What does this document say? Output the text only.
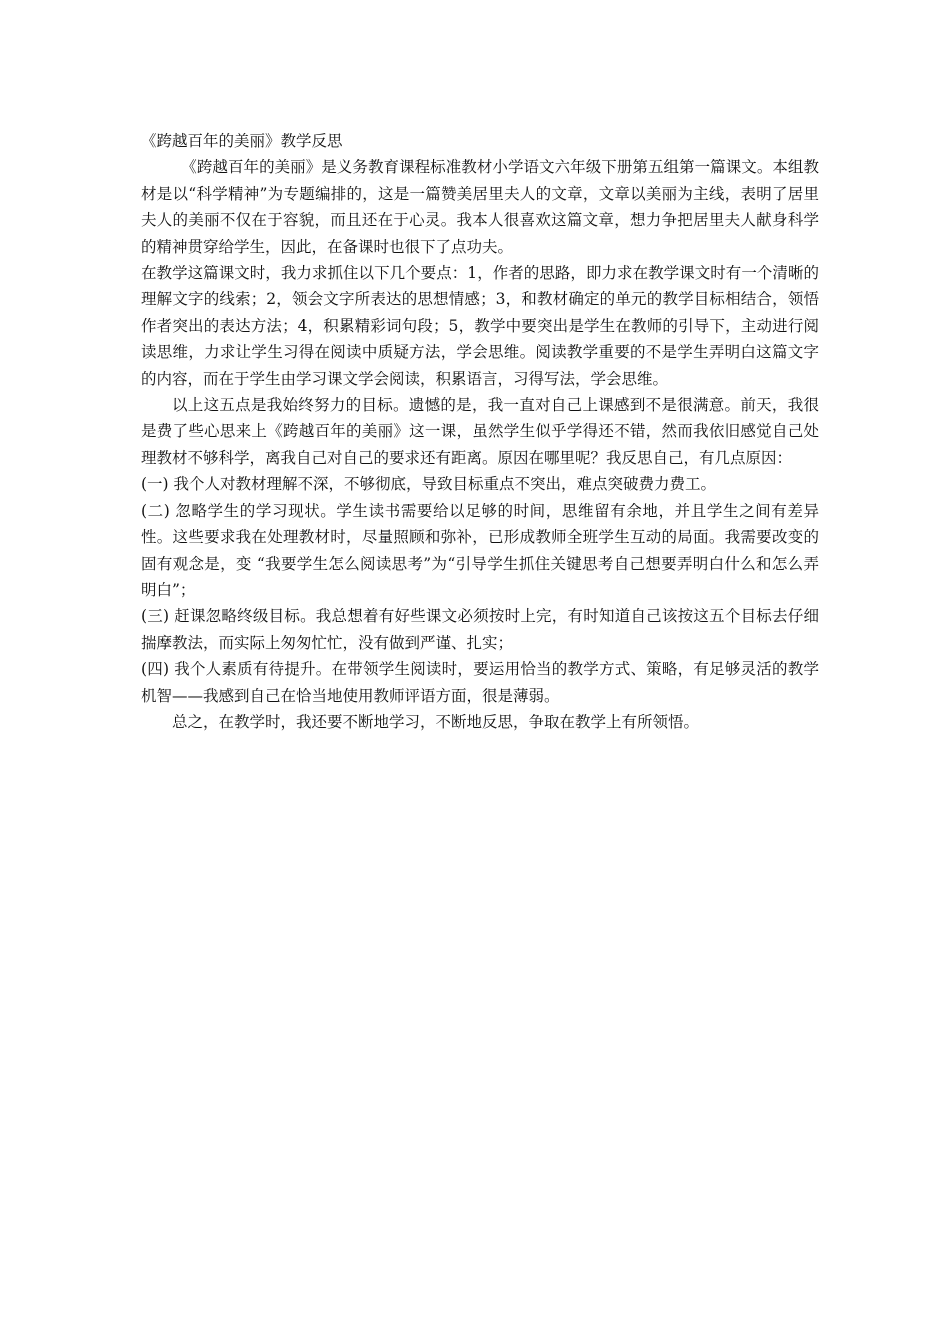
《跨越百年的美丽》教学反思

《跨越百年的美丽》是义务教育课程标准教材小学语文六年级下册第五组第一篇课文。本组教材是以“科学精神”为专题编排的，这是一篇赞美居里夫人的文章，文章以美丽为主线，表明了居里夫人的美丽不仅在于容貌，而且还在于心灵。我本人很喜欢这篇文章，想力争把居里夫人献身科学的精神贯穿给学生，因此，在备课时也很下了点功夫。

在教学这篇课文时，我力求抓住以下几个要点：1，作者的思路，即力求在教学课文时有一个清晰的理解文字的线索；2，领会文字所表达的思想情感；3，和教材确定的单元的教学目标相结合，领悟作者突出的表达方法；4，积累精彩词句段；5，教学中要突出是学生在教师的引导下，主动进行阅读思维，力求让学生习得在阅读中质疑方法，学会思维。阅读教学重要的不是学生弄明白这篇文字的内容，而在于学生由学习课文学会阅读，积累语言，习得写法，学会思维。

以上这五点是我始终努力的目标。遗憾的是，我一直对自己上课感到不是很满意。前天，我很是费了些心思来上《跨越百年的美丽》这一课，虽然学生似乎学得还不错，然而我依旧感觉自己处理教材不够科学，离我自己对自己的要求还有距离。原因在哪里呢？我反思自己，有几点原因：

(一) 我个人对教材理解不深，不够彻底，导致目标重点不突出，难点突破费力费工。

(二) 忽略学生的学习现状。学生读书需要给以足够的时间，思维留有余地，并且学生之间有差异性。这些要求我在处理教材时，尽量照顾和弥补，已形成教师全班学生互动的局面。我需要改变的固有观念是，变 “我要学生怎么阅读思考”为“引导学生抓住关键思考自己想要弄明白什么和怎么弄明白”；

(三) 赶课忽略终级目标。我总想着有好些课文必须按时上完，有时知道自己该按这五个目标去仔细揣摩教法，而实际上匆匆忙忙，没有做到严谨、扎实；

(四) 我个人素质有待提升。在带领学生阅读时，要运用恰当的教学方式、策略，有足够灵活的教学机智——我感到自己在恰当地使用教师评语方面，很是薄弱。

总之，在教学时，我还要不断地学习，不断地反思，争取在教学上有所领悟。
